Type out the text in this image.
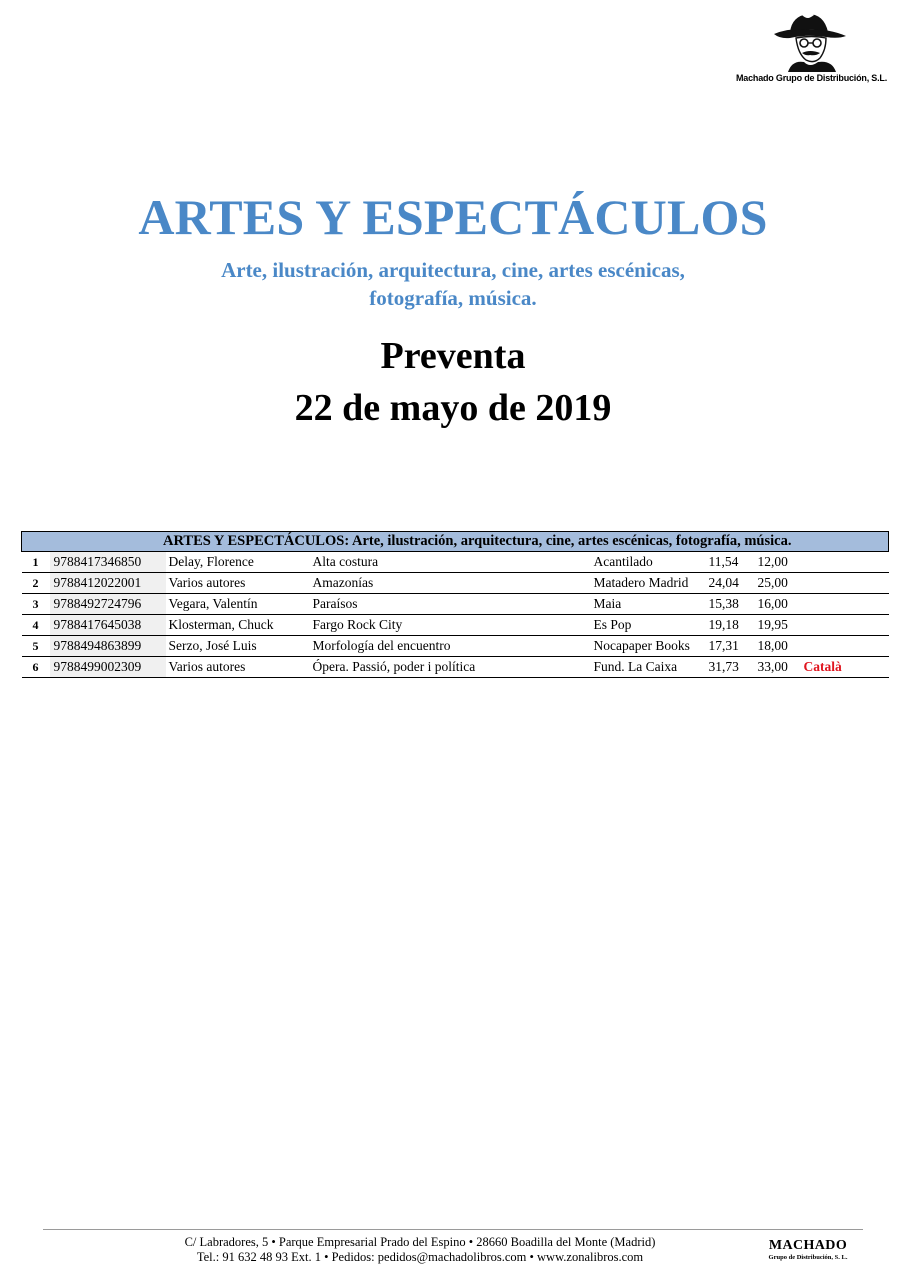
Machado Grupo de Distribución, S.L.
ARTES Y ESPECTÁCULOS
Arte, ilustración, arquitectura, cine, artes escénicas,
fotografía, música.
Preventa
22 de mayo de 2019
ARTES Y ESPECTÁCULOS: Arte, ilustración, arquitectura, cine, artes escénicas, fotografía, música.							
1	9788417346850	Delay, Florence	Alta costura	Acantilado	11,54	12,00	
2	9788412022001	Varios autores	Amazonías	Matadero Madrid	24,04	25,00	
3	9788492724796	Vegara, Valentín	Paraísos	Maia	15,38	16,00	
4	9788417645038	Klosterman, Chuck	Fargo Rock City	Es Pop	19,18	19,95	
5	9788494863899	Serzo, José Luis	Morfología del encuentro	Nocapaper Books	17,31	18,00	
6	9788499002309	Varios autores	Ópera. Passió, poder i política	Fund. La Caixa	31,73	33,00	Català
C/ Labradores, 5 • Parque Empresarial Prado del Espino • 28660 Boadilla del Monte (Madrid)
Tel.: 91 632 48 93 Ext. 1 • Pedidos: pedidos@machadolibros.com • www.zonalibros.com
MACHADO
Grupo de Distribución, S. L.
